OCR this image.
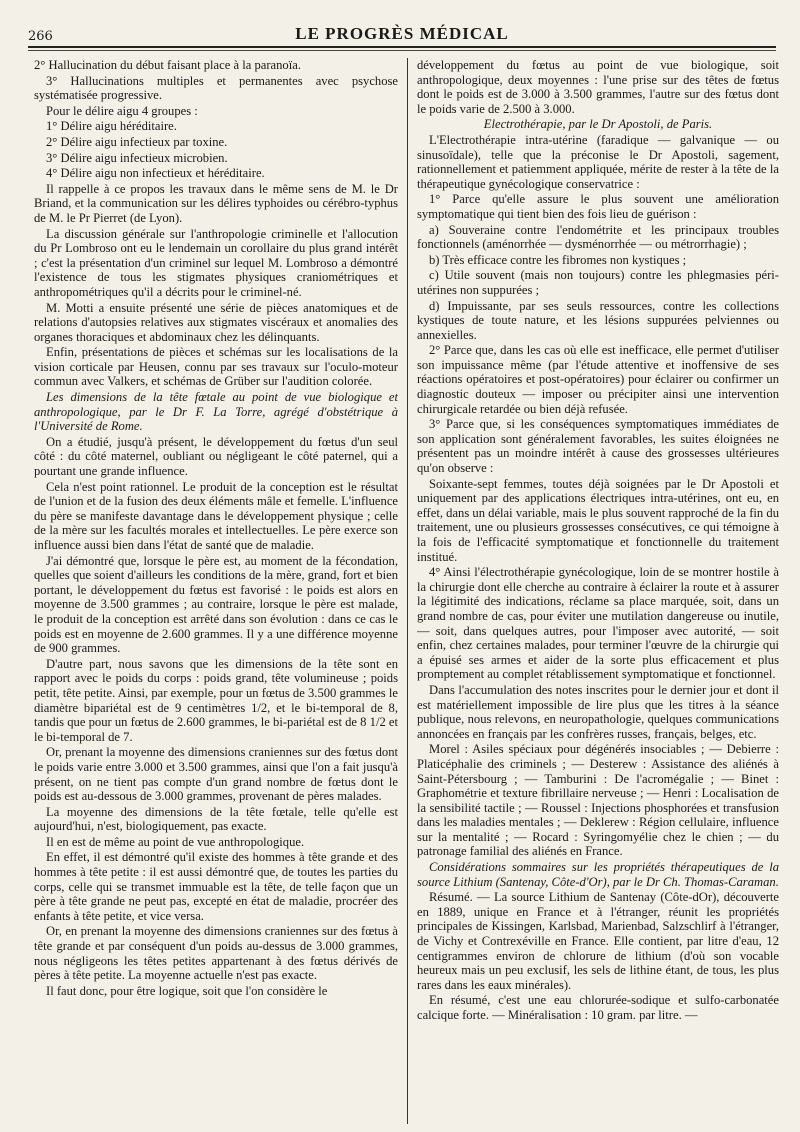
266	LE PROGRÈS MÉDICAL

2° Hallucination du début faisant place à la paranoïa.

3° Hallucinations multiples et permanentes avec psychose systématisée progressive.

Pour le délire aigu 4 groupes :

1° Délire aigu héréditaire.

2° Délire aigu infectieux par toxine.

3° Délire aigu infectieux microbien.

4° Délire aigu non infectieux et héréditaire.

Il rappelle à ce propos les travaux dans le même sens de M. le Dr Briand, et la communication sur les délires typhoides ou cérébro-typhus de M. le Pr Pierret (de Lyon).

La discussion générale sur l'anthropologie criminelle et l'allocution du Pr Lombroso ont eu le lendemain un corollaire du plus grand intérêt ; c'est la présentation d'un criminel sur lequel M. Lombroso a démontré l'existence de tous les stigmates physiques craniométriques et anthropométriques qu'il a décrits pour le criminel-né.

M. Motti a ensuite présenté une série de pièces anatomiques et de relations d'autopsies relatives aux stigmates viscéraux et anomalies des organes thoraciques et abdominaux chez les délinquants.

Enfin, présentations de pièces et schémas sur les localisations de la vision corticale par Heusen, connu par ses travaux sur l'oculo-moteur commun avec Valkers, et schémas de Grüber sur l'audition colorée.

Les dimensions de la tête fœtale au point de vue biologique et anthropologique, par le Dr F. La Torre, agrégé d'obstétrique à l'Université de Rome.

On a étudié, jusqu'à présent, le développement du fœtus d'un seul côté : du côté maternel, oubliant ou négligeant le côté paternel, qui a pourtant une grande influence.

Cela n'est point rationnel. Le produit de la conception est le résultat de l'union et de la fusion des deux éléments mâle et femelle. L'influence du père se manifeste davantage dans le développement physique ; celle de la mère sur les facultés morales et intellectuelles. Le père exerce son influence aussi bien dans l'état de santé que de maladie.

J'ai démontré que, lorsque le père est, au moment de la fécondation, quelles que soient d'ailleurs les conditions de la mère, grand, fort et bien portant, le développement du fœtus est favorisé : le poids est alors en moyenne de 3.500 grammes ; au contraire, lorsque le père est malade, le produit de la conception est arrêté dans son évolution : dans ce cas le poids est en moyenne de 2.600 grammes. Il y a une différence moyenne de 900 grammes.

D'autre part, nous savons que les dimensions de la tête sont en rapport avec le poids du corps : poids grand, tête volumineuse ; poids petit, tête petite. Ainsi, par exemple, pour un fœtus de 3.500 grammes le diamètre bipariétal est de 9 centimètres 1/2, et le bi-temporal de 8, tandis que pour un fœtus de 2.600 grammes, le bi-pariétal est de 8 1/2 et le bi-temporal de 7.

Or, prenant la moyenne des dimensions craniennes sur des fœtus dont le poids varie entre 3.000 et 3.500 grammes, ainsi que l'on a fait jusqu'à présent, on ne tient pas compte d'un grand nombre de fœtus dont le poids est au-dessous de 3.000 grammes, provenant de pères malades.

La moyenne des dimensions de la tête fœtale, telle qu'elle est aujourd'hui, n'est, biologiquement, pas exacte.

Il en est de même au point de vue anthropologique.

En effet, il est démontré qu'il existe des hommes à tête grande et des hommes à tête petite : il est aussi démontré que, de toutes les parties du corps, celle qui se transmet immuable est la tête, de telle façon que un père à tête grande ne peut pas, excepté en état de maladie, procréer des enfants à tête petite, et vice versa.

Or, en prenant la moyenne des dimensions craniennes sur des fœtus à tête grande et par conséquent d'un poids au-dessus de 3.000 grammes, nous négligeons les têtes petites appartenant à des fœtus dérivés de pères à tête petite. La moyenne actuelle n'est pas exacte.

Il faut donc, pour être logique, soit que l'on considère le

développement du fœtus au point de vue biologique, soit anthropologique, deux moyennes : l'une prise sur des têtes de fœtus dont le poids est de 3.000 à 3.500 grammes, l'autre sur des fœtus dont le poids varie de 2.500 à 3.000.

Electrothérapie, par le Dr Apostoli, de Paris.

L'Electrothérapie intra-utérine (faradique — galvanique — ou sinusoïdale), telle que la préconise le Dr Apostoli, sagement, rationnellement et patiemment appliquée, mérite de rester à la tête de la thérapeutique gynécologique conservatrice :

1° Parce qu'elle assure le plus souvent une amélioration symptomatique qui tient bien des fois lieu de guérison :

a) Souveraine contre l'endométrite et les principaux troubles fonctionnels (aménorrhée — dysménorrhée — ou métrorrhagie) ;

b) Très efficace contre les fibromes non kystiques ;

c) Utile souvent (mais non toujours) contre les phlegmasies péri-utérines non suppurées ;

d) Impuissante, par ses seuls ressources, contre les collections kystiques de toute nature, et les lésions suppurées pelviennes ou annexielles.

2° Parce que, dans les cas où elle est inefficace, elle permet d'utiliser son impuissance même (par l'étude attentive et inoffensive de ses réactions opératoires et post-opératoires) pour éclairer ou confirmer un diagnostic douteux — imposer ou précipiter ainsi une intervention chirurgicale retardée ou bien déjà refusée.

3° Parce que, si les conséquences symptomatiques immédiates de son application sont généralement favorables, les suites éloignées ne présentent pas un moindre intérêt à cause des grossesses ultérieures qu'on observe :

Soixante-sept femmes, toutes déjà soignées par le Dr Apostoli et uniquement par des applications électriques intra-utérines, ont eu, en effet, dans un délai variable, mais le plus souvent rapproché de la fin du traitement, une ou plusieurs grossesses consécutives, ce qui témoigne à la fois de l'efficacité symptomatique et fonctionnelle du traitement institué.

4° Ainsi l'électrothérapie gynécologique, loin de se montrer hostile à la chirurgie dont elle cherche au contraire à éclairer la route et à assurer la légitimité des indications, réclame sa place marquée, soit, dans un grand nombre de cas, pour éviter une mutilation dangereuse ou inutile, — soit, dans quelques autres, pour l'imposer avec autorité, — soit enfin, chez certaines malades, pour terminer l'œuvre de la chirurgie qui a épuisé ses armes et aider de la sorte plus efficacement et plus promptement au complet rétablissement symptomatique et fonctionnel.

Dans l'accumulation des notes inscrites pour le dernier jour et dont il est matériellement impossible de lire plus que les titres à la séance publique, nous relevons, en neuropathologie, quelques communications annoncées en français par les confrères russes, français, belges, etc.

Morel : Asiles spéciaux pour dégénérés insociables ; — Debierre : Platicéphalie des criminels ; — Desterew : Assistance des aliénés à Saint-Pétersbourg ; — Tamburini : De l'acromégalie ; — Binet : Graphométrie et texture fibrillaire nerveuse ; — Henri : Localisation de la sensibilité tactile ; — Roussel : Injections phosphorées et transfusion dans les maladies mentales ; — Deklerew : Région cellulaire, influence sur la mentalité ; — Rocard : Syringomyélie chez le chien ; — du patronage familial des aliénés en France.

Considérations sommaires sur les propriétés thérapeutiques de la source Lithium (Santenay, Côte-d'Or), par le Dr Ch. Thomas-Caraman.

Résumé. — La source Lithium de Santenay (Côte-dOr), découverte en 1889, unique en France et à l'étranger, réunit les propriétés principales de Kissingen, Karlsbad, Marienbad, Salzschlirf à l'étranger, de Vichy et Contrexéville en France. Elle contient, par litre d'eau, 12 centigrammes environ de chlorure de lithium (d'où son vocable heureux mais un peu exclusif, les sels de lithine étant, de tous, les plus rares dans les eaux minérales).

En résumé, c'est une eau chlorurée-sodique et sulfo-carbonatée calcique forte. — Minéralisation : 10 gram. par litre. —
